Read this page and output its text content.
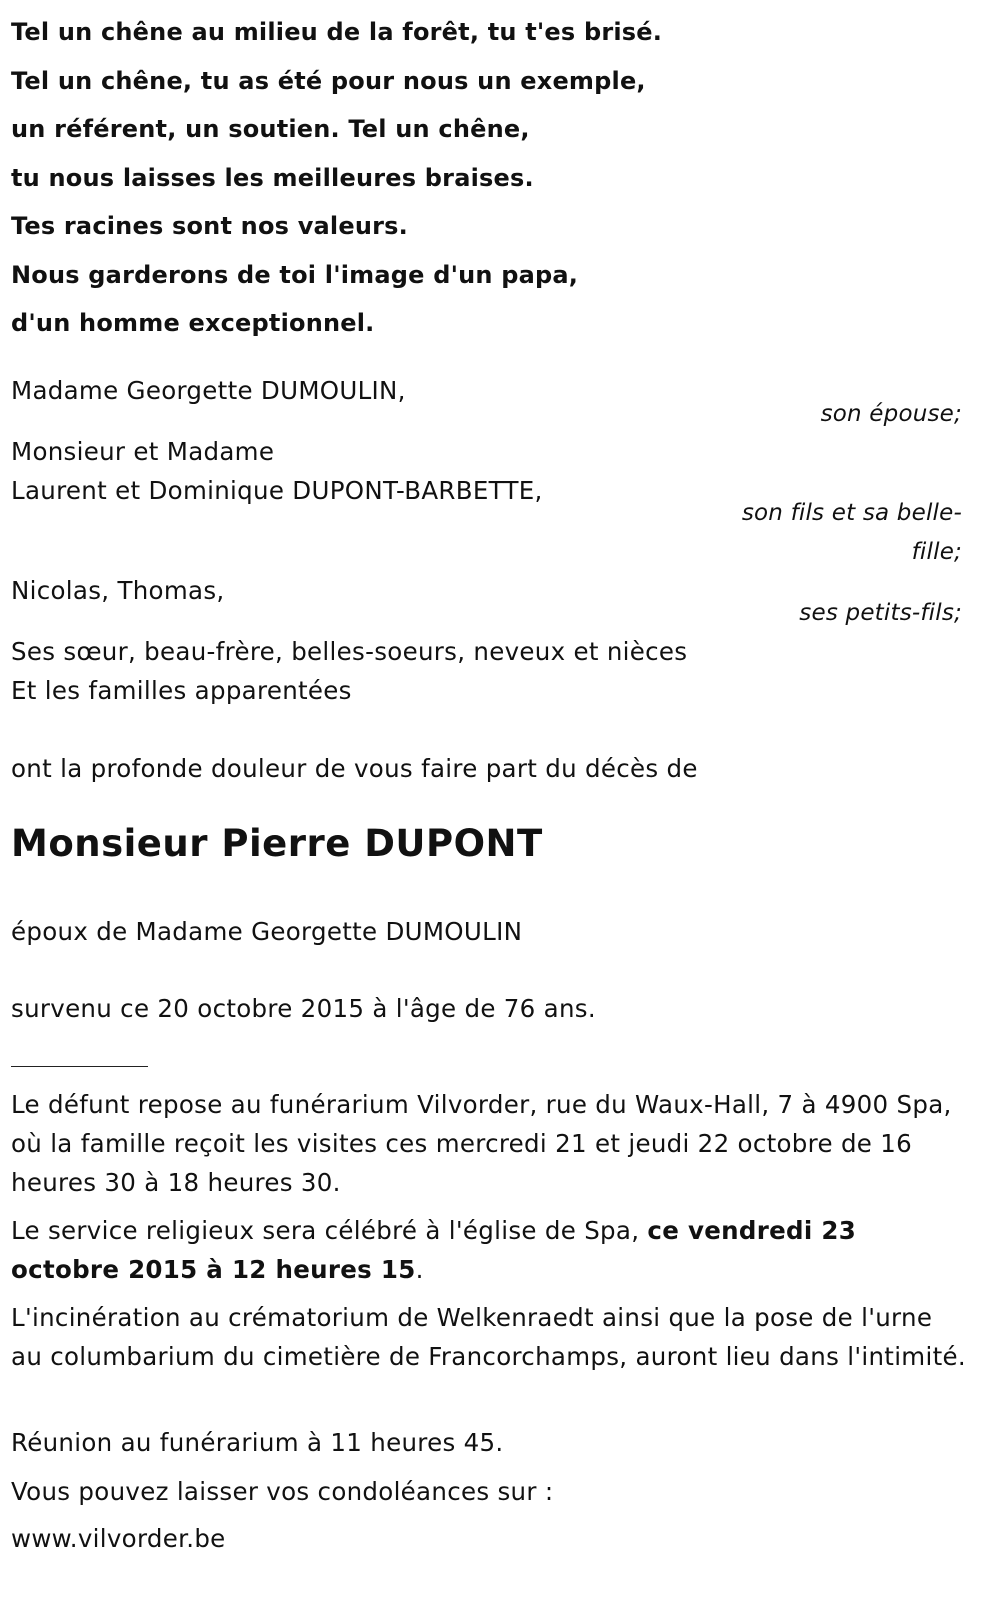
Tel un chêne au milieu de la forêt, tu t'es brisé.
Tel un chêne, tu as été pour nous un exemple,
un référent, un soutien. Tel un chêne,
tu nous laisses les meilleures braises.
Tes racines sont nos valeurs.
Nous garderons de toi l'image d'un papa,
d'un homme exceptionnel.
Madame Georgette DUMOULIN,
son épouse;
Monsieur et Madame
Laurent et Dominique DUPONT-BARBETTE,
son fils et sa belle-
fille;
Nicolas, Thomas,
ses petits-fils;
Ses sœur, beau-frère, belles-soeurs, neveux et nièces
Et les familles apparentées
ont la profonde douleur de vous faire part du décès de
Monsieur Pierre DUPONT
époux de Madame Georgette DUMOULIN
survenu ce 20 octobre 2015 à l'âge de 76 ans.
Le défunt repose au funérarium Vilvorder, rue du Waux-Hall, 7 à 4900 Spa, où la famille reçoit les visites ces mercredi 21 et jeudi 22 octobre de 16 heures 30 à 18 heures 30.
Le service religieux sera célébré à l'église de Spa, ce vendredi 23 octobre 2015 à 12 heures 15.
L'incinération au crématorium de Welkenraedt ainsi que la pose de l'urne au columbarium du cimetière de Francorchamps, auront lieu dans l'intimité.
Réunion au funérarium à 11 heures 45.
Vous pouvez laisser vos condoléances sur :
www.vilvorder.be
